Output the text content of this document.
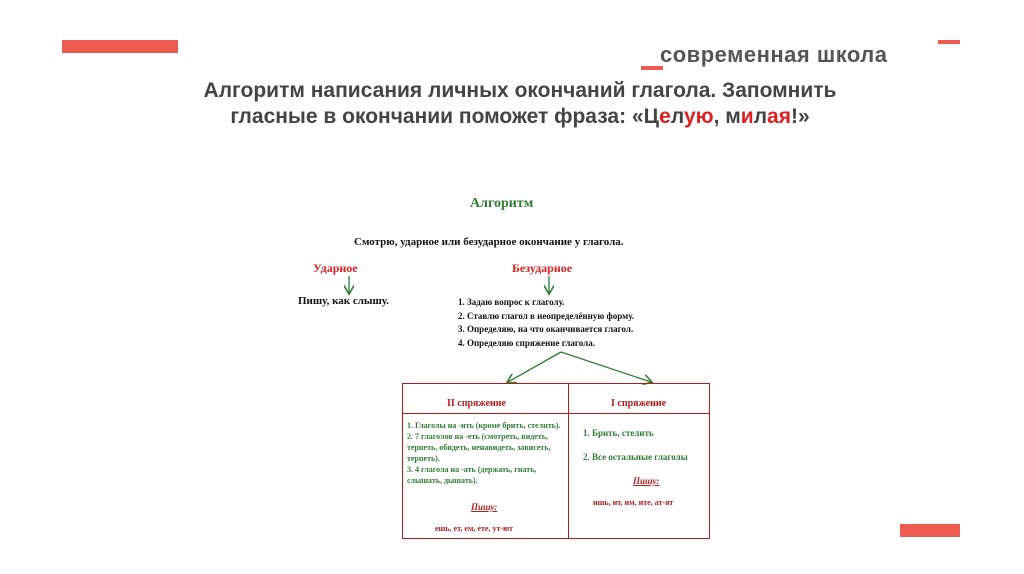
современная школа
Алгоритм написания личных окончаний глагола. Запомнить
гласные в окончании поможет фраза: «Целую, милая!»
Алгоритм
Смотрю, ударное или безударное окончание у глагола.
Ударное	Безударное
Пишу, как слышу.	1. Задаю вопрос к глаголу.
2. Ставлю глагол в неопределённую форму.
3. Определяю, на что оканчивается глагол.
4. Определяю спряжение глагола.
II спряжение	I спряжение
1. Глаголы на -ить (кроме брить, стелить).
2. 7 глаголов на -еть (смотреть, видеть, терпеть, обидеть, ненавидеть, зависеть, терпеть).
3. 4 глагола на -ать (держать, гнать, слышать, дышать).
Пишу:
ешь, ет, ем, ете, ут-ют
1. Брить, стелить
2. Все остальные глаголы
Пишу:
ишь, ит, им, ите, ат-ят
